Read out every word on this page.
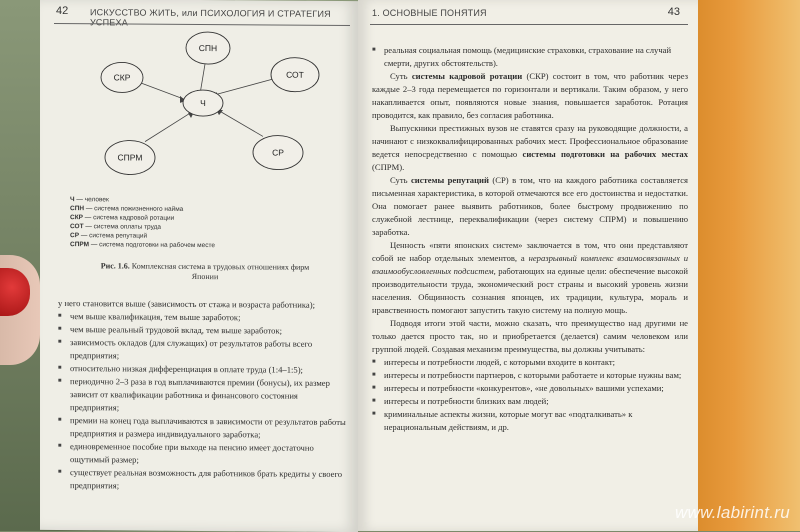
42 ИСКУССТВО ЖИТЬ, или ПСИХОЛОГИЯ И СТРАТЕГИЯ УСПЕХА
Ч
СПН
СОТ
СР
СПРМ
СКР
Ч — человек
СПН — система пожизненного найма
СКР — система кадровой ротации
СОТ — система оплаты труда
СР — система репутаций
СПРМ — система подготовки на рабочем месте
Рис. 1.6. Комплексная система в трудовых отношениях фирм Японии
у него становится выше (зависимость от стажа и возраста работника);
■ чем выше квалификация, тем выше заработок;
■ чем выше реальный трудовой вклад, тем выше заработок;
■ зависимость окладов (для служащих) от результатов работы всего предприятия;
■ относительно низкая дифференциация в оплате труда (1:4–1:5);
■ периодично 2–3 раза в год выплачиваются премии (бонусы), их размер зависит от квалификации работника и финансового состояния предприятия;
■ премии на конец года выплачиваются в зависимости от результатов работы предприятия и размера индивидуального заработка;
■ единовременное пособие при выходе на пенсию имеет достаточно ощутимый размер;
■ существует реальная возможность для работников брать кредиты у своего предприятия;
1. ОСНОВНЫЕ ПОНЯТИЯ	43
■ реальная социальная помощь (медицинские страховки, страхование на случай смерти, других обстоятельств).
Суть системы кадровой ротации (СКР) состоит в том, что работник через каждые 2–3 года перемещается по горизонтали и вертикали. Таким образом, у него накапливается опыт, появляются новые знания, повышается заработок. Ротация проводится, как правило, без согласия работника.
Выпускники престижных вузов не ставятся сразу на руководящие должности, а начинают с низкоквалифицированных рабочих мест. Профессиональное образование ведется непосредственно с помощью системы подготовки на рабочих местах (СПРМ).
Суть системы репутаций (СР) в том, что на каждого работника составляется письменная характеристика, в которой отмечаются все его достоинства и недостатки. Она помогает ранее выявить работников, более быстрому продвижению по служебной лестнице, переквалификации (через систему СПРМ) и повышению заработка.
Ценность «пяти японских систем» заключается в том, что они представляют собой не набор отдельных элементов, а неразрывный комплекс взаимосвязанных и взаимообусловленных подсистем, работающих на единые цели: обеспечение высокой производительности труда, экономический рост страны и высокий уровень жизни населения. Общинность сознания японцев, их традиции, культура, мораль и нравственность помогают запустить такую систему на полную мощь.
Подводя итоги этой части, можно сказать, что преимущество над другими не только дается просто так, но и приобретается (делается) самим человеком или группой людей. Создавая механизм преимущества, вы должны учитывать:
■ интересы и потребности людей, с которыми входите в контакт;
■ интересы и потребности партнеров, с которыми работаете и которые нужны вам;
■ интересы и потребности «конкурентов», «не довольных» вашими успехами;
■ интересы и потребности близких вам людей;
■ криминальные аспекты жизни, которые могут вас «подталкивать» к нерациональным действиям, и др.
www.labirint.ru
